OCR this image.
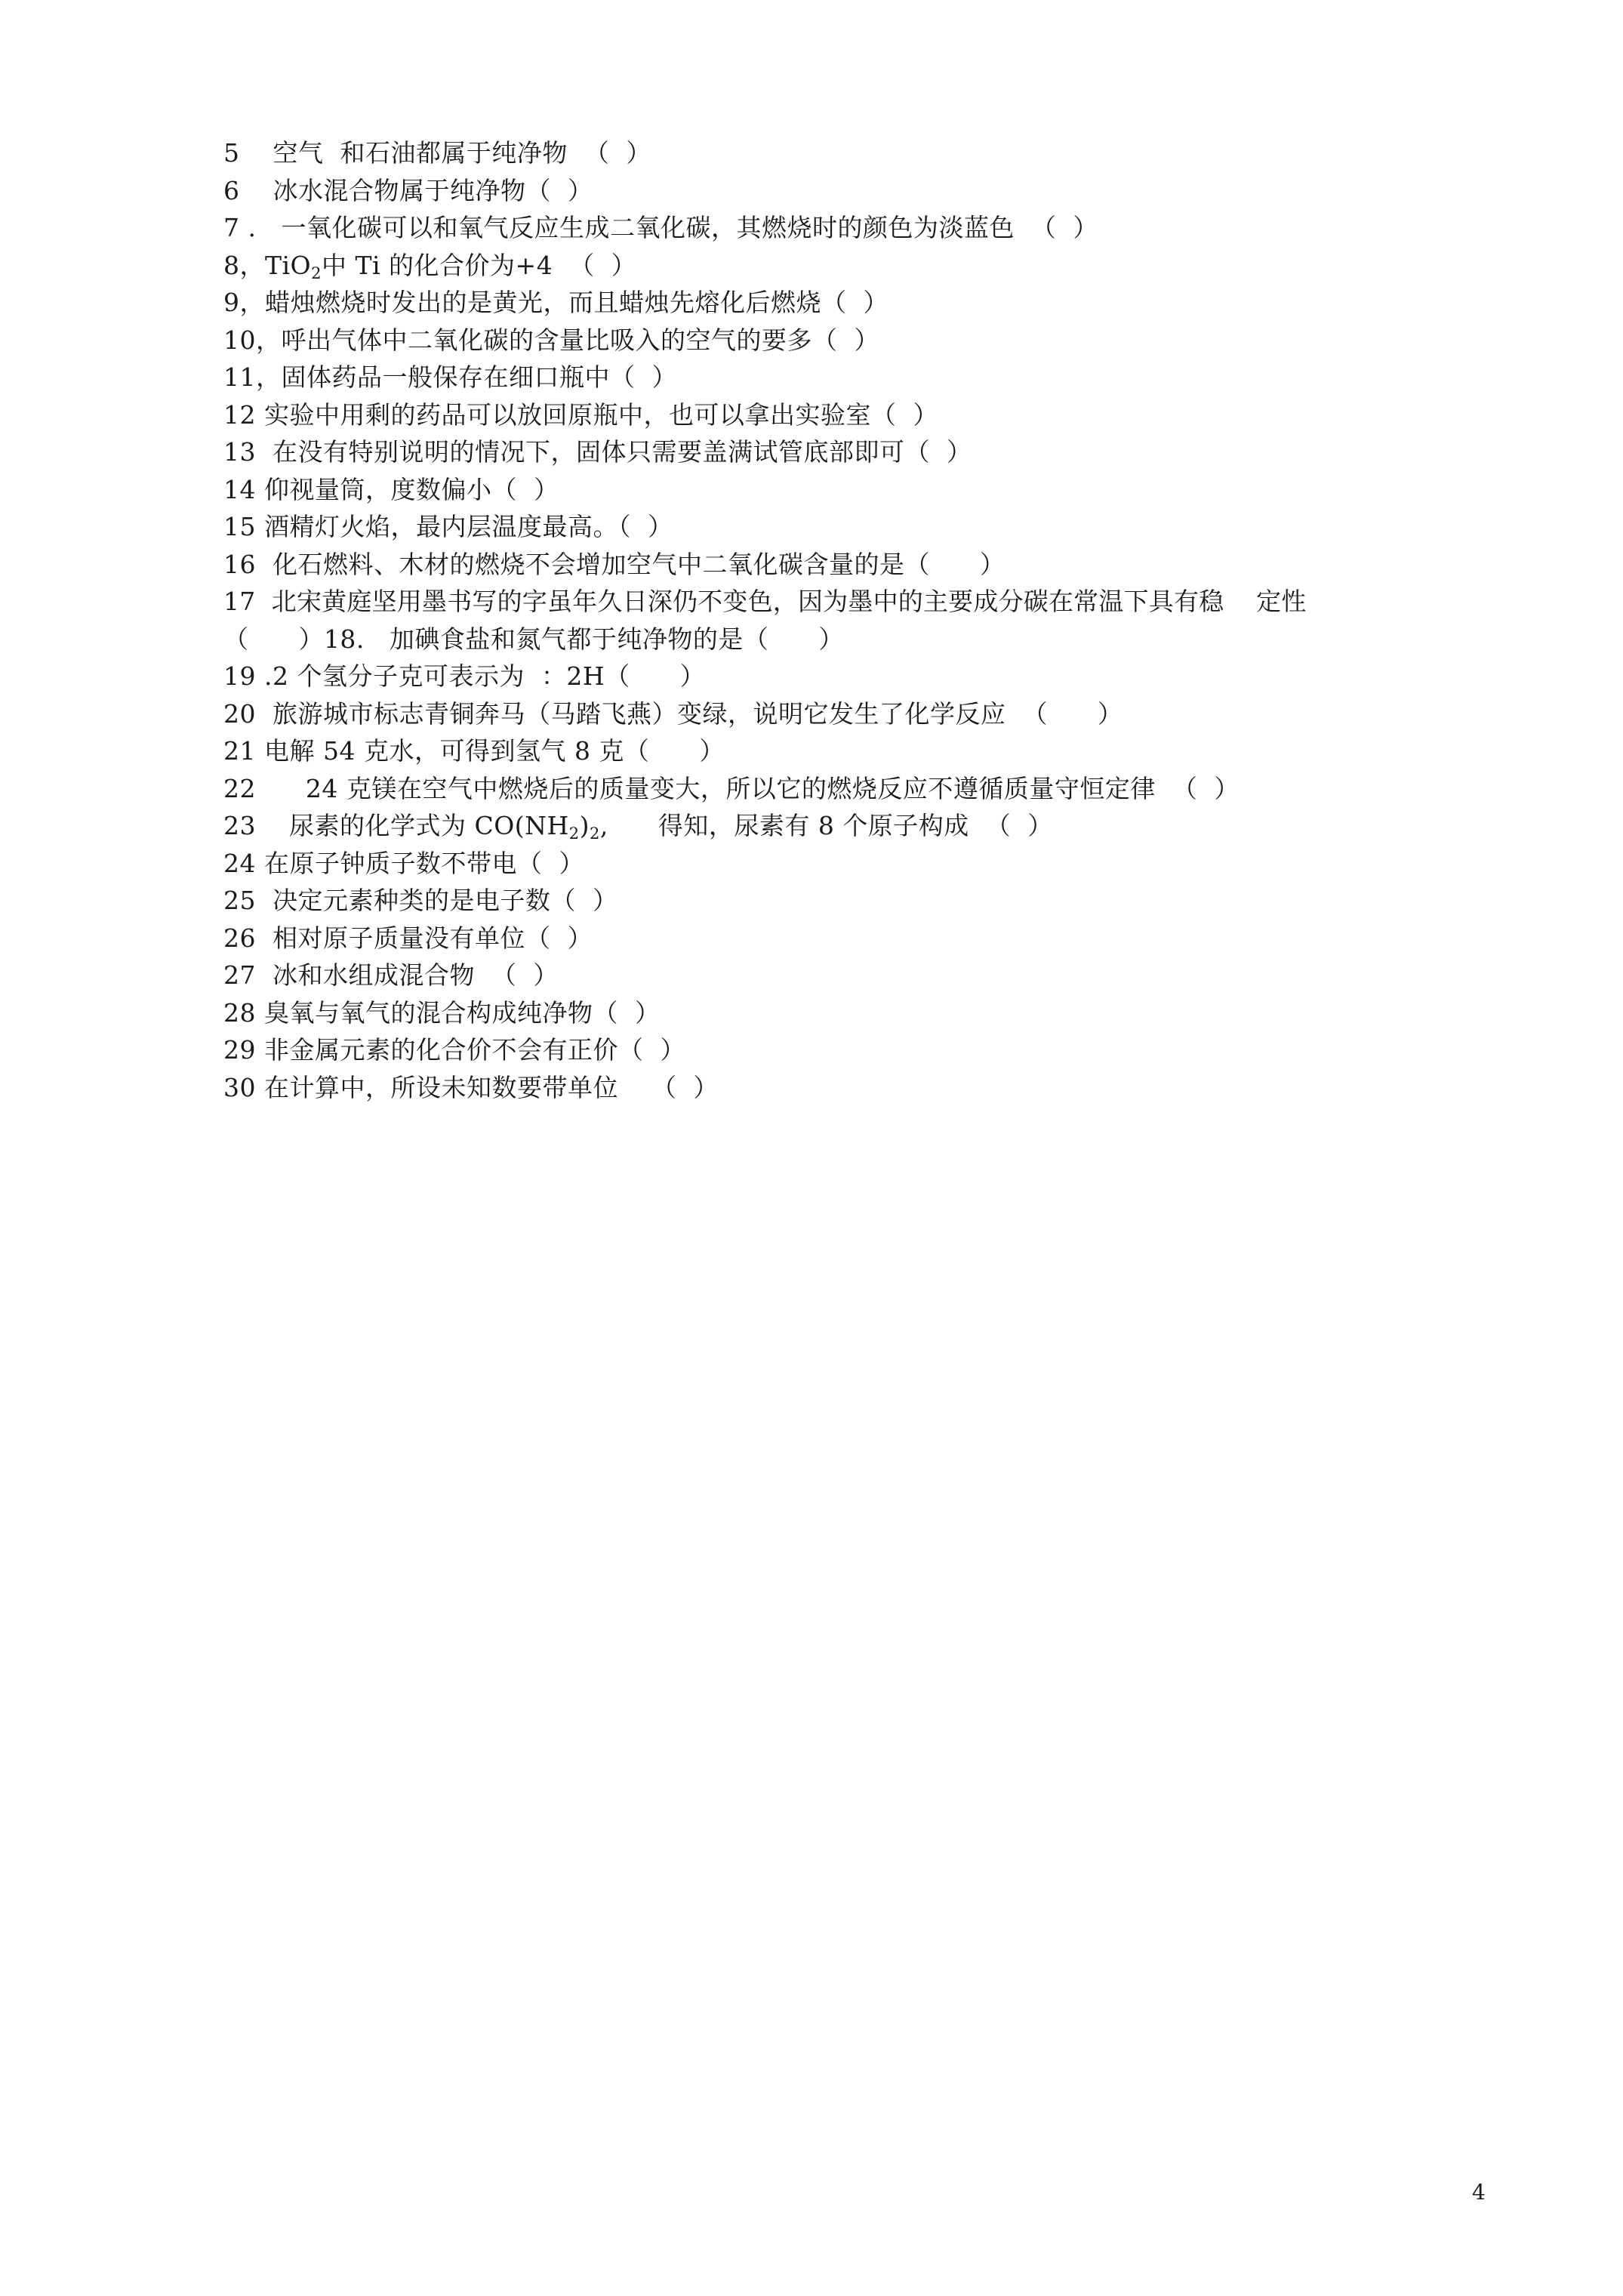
5    空气  和石油都属于纯净物  （  ）
6    冰水混合物属于纯净物（  ）
7 .   一氧化碳可以和氧气反应生成二氧化碳，其燃烧时的颜色为淡蓝色  （  ）
8，TiO$_2$中 Ti 的化合价为+4  （  ）
9，蜡烛燃烧时发出的是黄光，而且蜡烛先熔化后燃烧（  ）
10，呼出气体中二氧化碳的含量比吸入的空气的要多（  ）
11，固体药品一般保存在细口瓶中（  ）
12 实验中用剩的药品可以放回原瓶中，也可以拿出实验室（  ）
13  在没有特别说明的情况下，固体只需要盖满试管底部即可（  ）
14 仰视量筒，度数偏小（  ）
15 酒精灯火焰，最内层温度最高。（  ）
16  化石燃料、木材的燃烧不会增加空气中二氧化碳含量的是（      ）
17  北宋黄庭坚用墨书写的字虽年久日深仍不变色，因为墨中的主要成分碳在常温下具有稳    定性
（      ）18.   加碘食盐和氮气都于纯净物的是（      ）
19 .2 个氢分子克可表示为  ：2H（      ）
20  旅游城市标志青铜奔马（马踏飞燕）变绿，说明它发生了化学反应  （      ）
21 电解 54 克水，可得到氢气 8 克（      ）
22      24 克镁在空气中燃烧后的质量变大，所以它的燃烧反应不遵循质量守恒定律  （  ）
23    尿素的化学式为 $CO(NH_2)_2$,      得知，尿素有 8 个原子构成  （  ）
24 在原子钟质子数不带电（  ）
25  决定元素种类的是电子数（  ）
26  相对原子质量没有单位（  ）
27  冰和水组成混合物  （  ）
28 臭氧与氧气的混合构成纯净物（  ）
29 非金属元素的化合价不会有正价（  ）
30 在计算中，所设未知数要带单位    （  ）
4
